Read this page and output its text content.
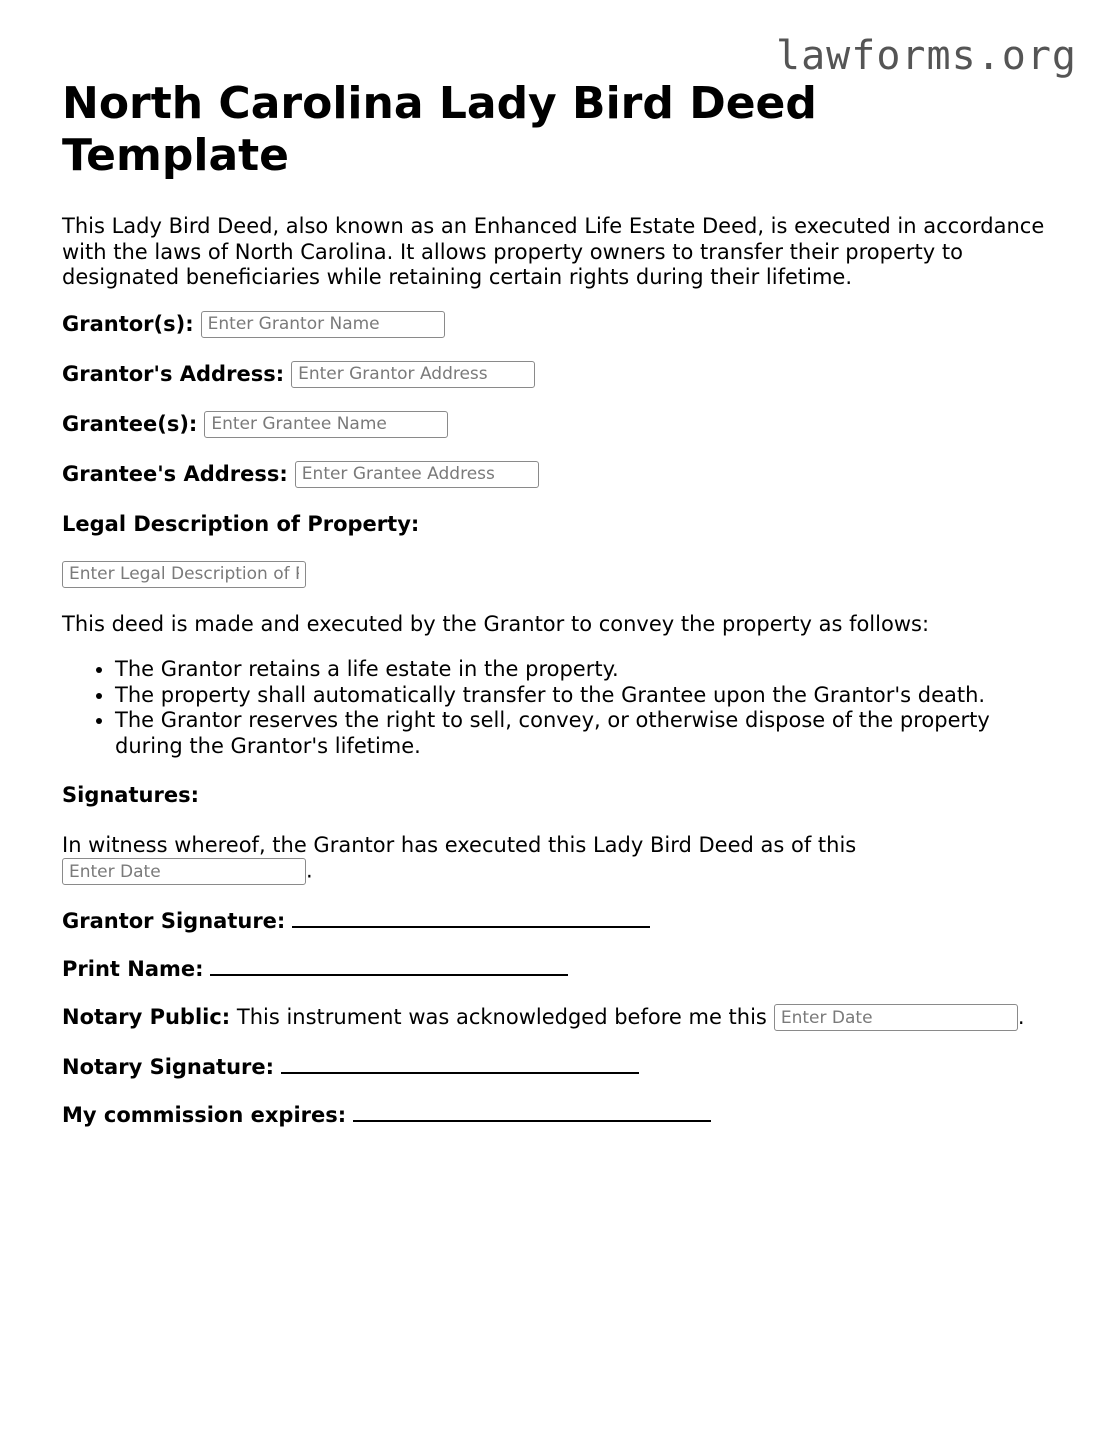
lawforms.org
North Carolina Lady Bird Deed Template

This Lady Bird Deed, also known as an Enhanced Life Estate Deed, is executed in accordance with the laws of North Carolina. It allows property owners to transfer their property to designated beneficiaries while retaining certain rights during their lifetime.

Grantor(s):
Enter Grantor Name
Grantor's Address:
Enter Grantor Address
Grantee(s):
Enter Grantee Name
Grantee's Address:
Enter Grantee Address
Legal Description of Property:
Enter Legal Description of Property

This deed is made and executed by the Grantor to convey the property as follows:

• The Grantor retains a life estate in the property.
• The property shall automatically transfer to the Grantee upon the Grantor's death.
• The Grantor reserves the right to sell, convey, or otherwise dispose of the property during the Grantor's lifetime.
Signatures:

In witness whereof, the Grantor has executed this Lady Bird Deed as of this
Enter Date.

Grantor Signature:
Print Name:
Notary Public:
This instrument was acknowledged before me this
Enter Date	.
Notary Signature:
My commission expires:
